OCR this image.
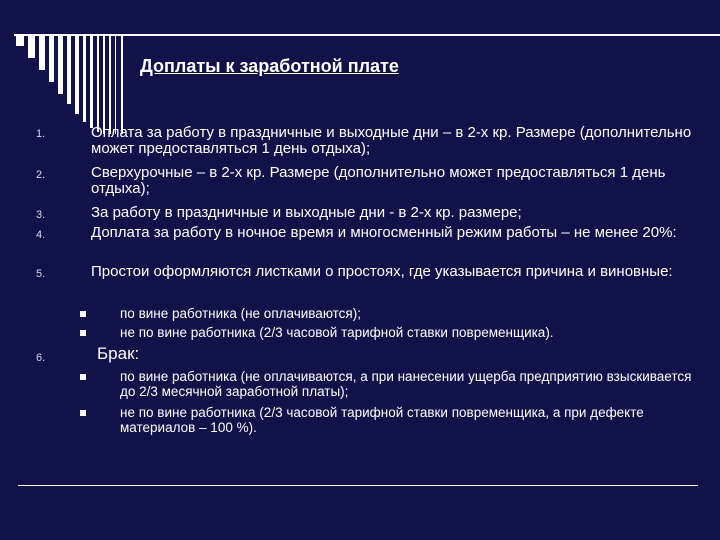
Доплаты к заработной плате
1.	Оплата за работу в праздничные и выходные дни – в 2-х кр. Размере (дополнительно может предоставляться 1 день отдыха);
2.	Сверхурочные – в 2-х кр. Размере (дополнительно может предоставляться 1 день отдыха);
3.	За работу в праздничные и выходные дни - в 2-х кр. размере;
4.	Доплата за работу в ночное время и многосменный режим работы – не менее 20%:
5.	Простои оформляются листками о простоях, где указывается причина и виновные:
по вине работника (не оплачиваются);
не по вине работника (2/3 часовой тарифной ставки повременщика).
6.	Брак:
по вине работника (не оплачиваются, а при нанесении ущерба предприятию взыскивается до 2/3 месячной заработной платы);
не по вине работника (2/3 часовой тарифной ставки повременщика, а при дефекте материалов – 100 %).
